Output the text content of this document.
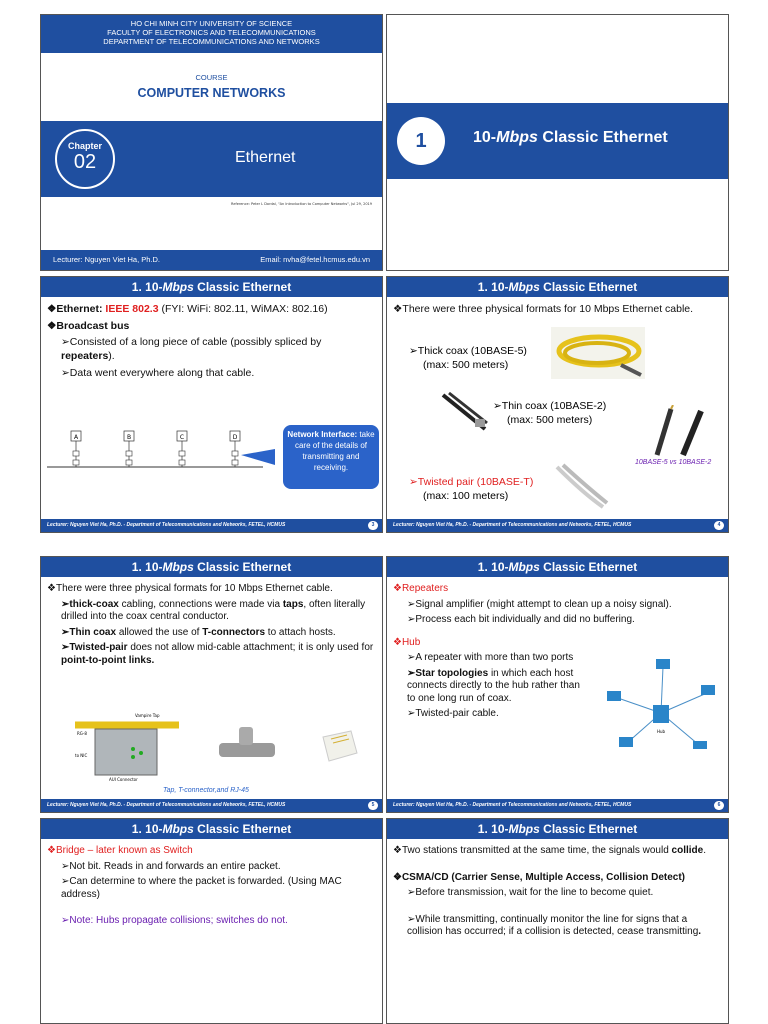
HO CHI MINH CITY UNIVERSITY OF SCIENCE
FACULTY OF ELECTRONICS AND TELECOMMUNICATIONS
DEPARTMENT OF TELECOMMUNICATIONS AND NETWORKS
COURSE
COMPUTER NETWORKS
Chapter
02	Ethernet
Reference: Peter L Dordal, "An Introduction to Computer Networks", Jul 29, 2019
Lecturer: Nguyen Viet Ha, Ph.D.	Email: nvha@fetel.hcmus.edu.vn
1	10-Mbps Classic Ethernet
1. 10-Mbps Classic Ethernet
❖Ethernet: IEEE 802.3 (FYI: WiFi: 802.11, WiMAX: 802.16)
❖Broadcast bus
➢Consisted of a long piece of cable (possibly spliced by repeaters).
➢Data went everywhere along that cable.
A	B	C	D	Network Interface: take care of the details of transmitting and receiving.
Lecturer: Nguyen Viet Ha, Ph.D. - Department of Telecommunications and Networks, FETEL, HCMUS	3
1. 10-Mbps Classic Ethernet
❖There were three physical formats for 10 Mbps Ethernet cable.
➢Thick coax (10BASE-5)
(max: 500 meters)
➢Thin coax (10BASE-2)
(max: 500 meters)
10BASE-5 vs 10BASE-2
➢Twisted pair (10BASE-T)
(max: 100 meters)
Lecturer: Nguyen Viet Ha, Ph.D. - Department of Telecommunications and Networks, FETEL, HCMUS	4
1. 10-Mbps Classic Ethernet
❖There were three physical formats for 10 Mbps Ethernet cable.
➢thick-coax cabling, connections were made via taps, often literally drilled into the coax central conductor.
➢Thin coax allowed the use of T-connectors to attach hosts.
➢Twisted-pair does not allow mid-cable attachment; it is only used for point-to-point links.
Vampire Tap
to NIC
AUI Connector
RG-8
Tap, T-connector,and RJ-45
Lecturer: Nguyen Viet Ha, Ph.D. - Department of Telecommunications and Networks, FETEL, HCMUS	5
1. 10-Mbps Classic Ethernet
❖Repeaters
➢Signal amplifier (might attempt to clean up a noisy signal).
➢Process each bit individually and did no buffering.
❖Hub
➢A repeater with more than two ports
➢Star topologies in which each host connects directly to the hub rather than to one long run of coax.
➢Twisted-pair cable.
Hub
Lecturer: Nguyen Viet Ha, Ph.D. - Department of Telecommunications and Networks, FETEL, HCMUS	6
1. 10-Mbps Classic Ethernet
❖Bridge – later known as Switch
➢Not bit. Reads in and forwards an entire packet.
➢Can determine to where the packet is forwarded. (Using MAC address)
➢Note: Hubs propagate collisions; switches do not.
1. 10-Mbps Classic Ethernet
❖Two stations transmitted at the same time, the signals would collide.
❖CSMA/CD (Carrier Sense, Multiple Access, Collision Detect)
➢Before transmission, wait for the line to become quiet.
➢While transmitting, continually monitor the line for signs that a collision has occurred; if a collision is detected, cease transmitting.
